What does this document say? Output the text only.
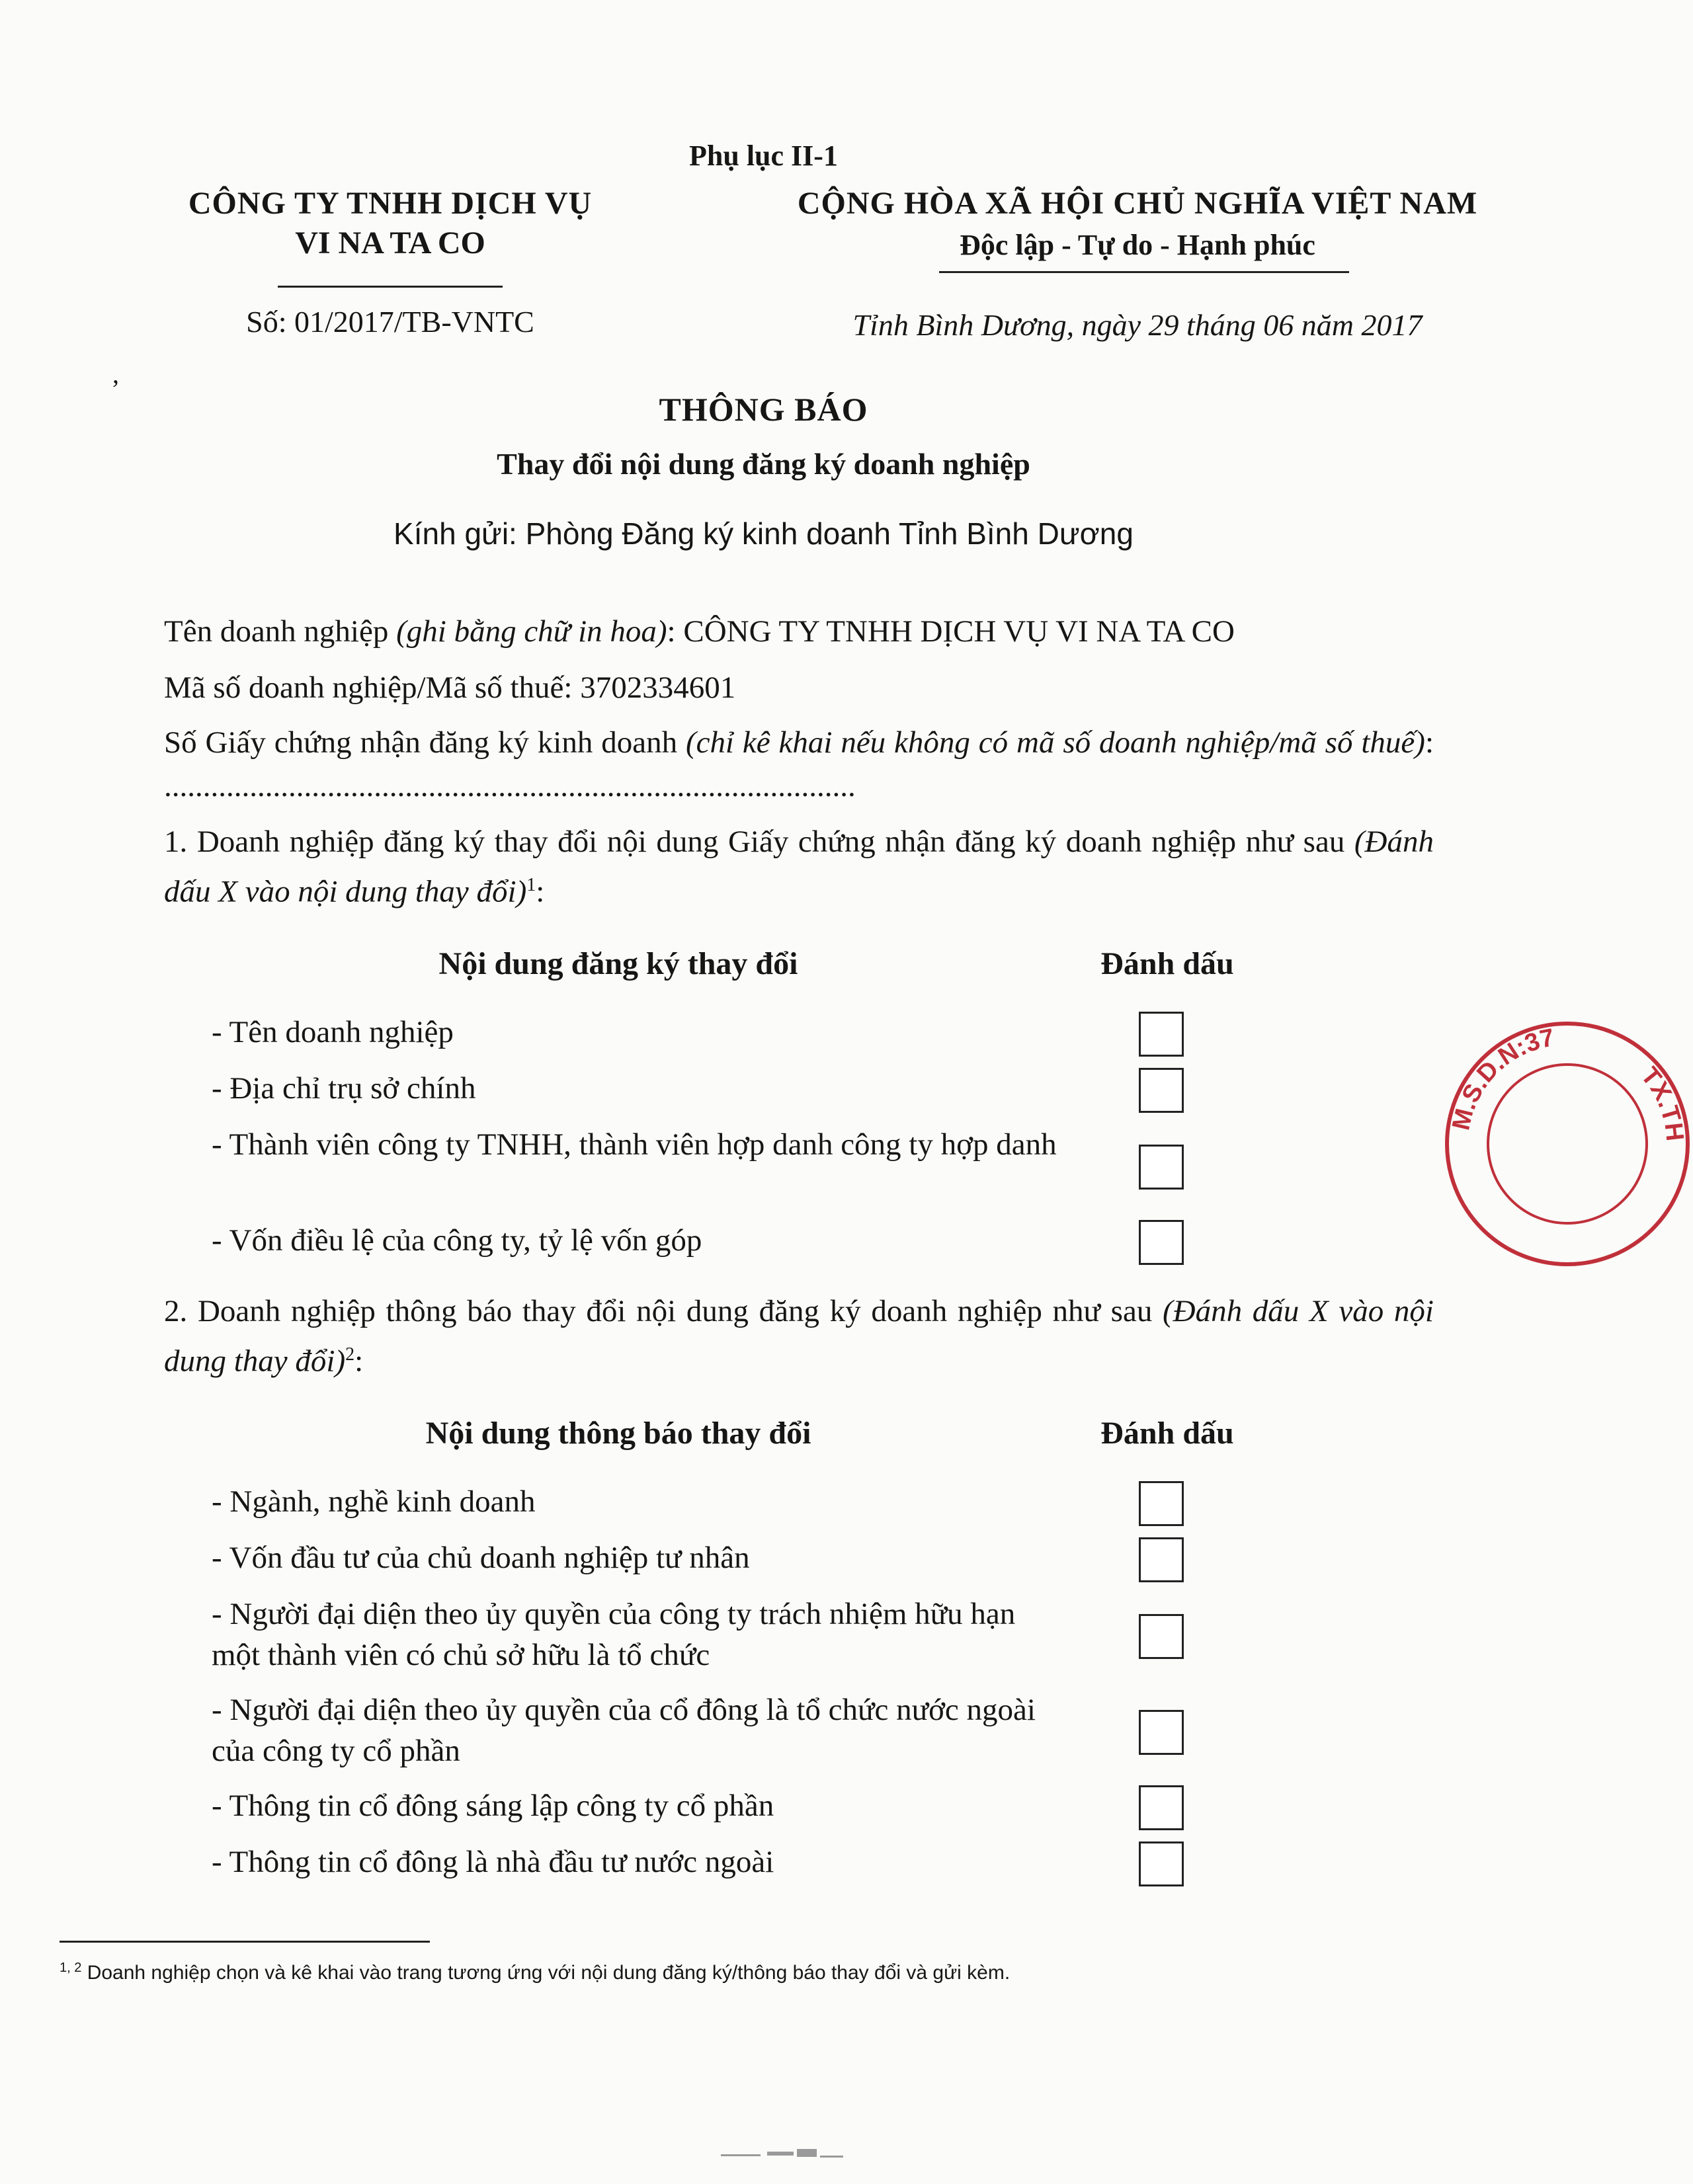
Phụ lục II-1
CÔNG TY TNHH DỊCH VỤ
VI NA TA CO
Số: 01/2017/TB-VNTC
CỘNG HÒA XÃ HỘI CHỦ NGHĨA VIỆT NAM
Độc lập - Tự do - Hạnh phúc
Tỉnh Bình Dương, ngày 29 tháng 06 năm 2017
ʼ
THÔNG BÁO
Thay đổi nội dung đăng ký doanh nghiệp
Kính gửi: Phòng Đăng ký kinh doanh Tỉnh Bình Dương
Tên doanh nghiệp (ghi bằng chữ in hoa): CÔNG TY TNHH DỊCH VỤ VI NA TA CO
Mã số doanh nghiệp/Mã số thuế: 3702334601
Số Giấy chứng nhận đăng ký kinh doanh (chỉ kê khai nếu không có mã số doanh nghiệp/mã số thuế): .........................................................................................
1. Doanh nghiệp đăng ký thay đổi nội dung Giấy chứng nhận đăng ký doanh nghiệp như sau (Đánh dấu X vào nội dung thay đổi)$^1$:
Nội dung đăng ký thay đổi	Đánh dấu
- Tên doanh nghiệp
- Địa chỉ trụ sở chính
- Thành viên công ty TNHH, thành viên hợp danh công ty hợp danh
- Vốn điều lệ của công ty, tỷ lệ vốn góp
2. Doanh nghiệp thông báo thay đổi nội dung đăng ký doanh nghiệp như sau (Đánh dấu X vào nội dung thay đổi)$^2$:
Nội dung thông báo thay đổi	Đánh dấu
- Ngành, nghề kinh doanh
- Vốn đầu tư của chủ doanh nghiệp tư nhân
- Người đại diện theo ủy quyền của công ty trách nhiệm hữu hạn một thành viên có chủ sở hữu là tổ chức
- Người đại diện theo ủy quyền của cổ đông là tổ chức nước ngoài của công ty cổ phần
- Thông tin cổ đông sáng lập công ty cổ phần
- Thông tin cổ đông là nhà đầu tư nước ngoài
$^{1, 2}$ Doanh nghiệp chọn và kê khai vào trang tương ứng với nội dung đăng ký/thông báo thay đổi và gửi kèm.
M.S.D.N:37
TX.TH
